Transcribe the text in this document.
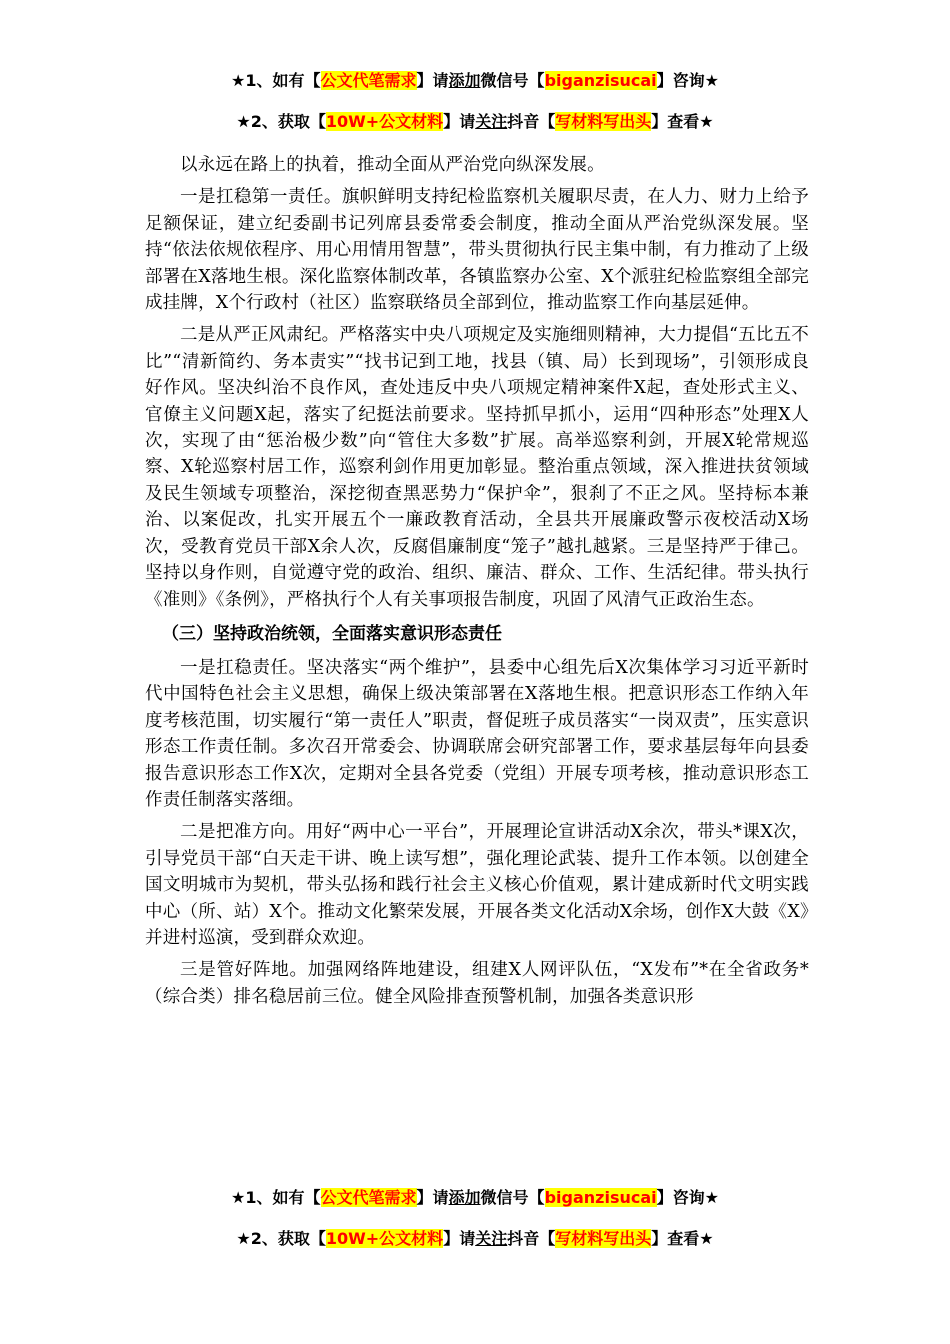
★1、如有【公文代笔需求】请添加微信号【biganzisucai】咨询★
★2、获取【10W+公文材料】请关注抖音【写材料写出头】查看★

以永远在路上的执着，推动全面从严治党向纵深发展。

一是扛稳第一责任。旗帜鲜明支持纪检监察机关履职尽责，在人力、财力上给予足额保证，建立纪委副书记列席县委常委会制度，推动全面从严治党纵深发展。坚持“依法依规依程序、用心用情用智慧”，带头贯彻执行民主集中制，有力推动了上级部署在X落地生根。深化监察体制改革，各镇监察办公室、X个派驻纪检监察组全部完成挂牌，X个行政村（社区）监察联络员全部到位，推动监察工作向基层延伸。

二是从严正风肃纪。严格落实中央八项规定及实施细则精神，大力提倡“五比五不比”“清新简约、务本责实”“找书记到工地，找县（镇、局）长到现场”，引领形成良好作风。坚决纠治不良作风，查处违反中央八项规定精神案件X起，查处形式主义、官僚主义问题X起，落实了纪挺法前要求。坚持抓早抓小，运用“四种形态”处理X人次，实现了由“惩治极少数”向“管住大多数”扩展。高举巡察利剑，开展X轮常规巡察、X轮巡察村居工作，巡察利剑作用更加彰显。整治重点领域，深入推进扶贫领域及民生领域专项整治，深挖彻查黑恶势力“保护伞”，狠刹了不正之风。坚持标本兼治、以案促改，扎实开展五个一廉政教育活动，全县共开展廉政警示夜校活动X场次，受教育党员干部X余人次，反腐倡廉制度“笼子”越扎越紧。三是坚持严于律己。坚持以身作则，自觉遵守党的政治、组织、廉洁、群众、工作、生活纪律。带头执行《准则》《条例》，严格执行个人有关事项报告制度，巩固了风清气正政治生态。

（三）坚持政治统领，全面落实意识形态责任

一是扛稳责任。坚决落实“两个维护”，县委中心组先后X次集体学习习近平新时代中国特色社会主义思想，确保上级决策部署在X落地生根。把意识形态工作纳入年度考核范围，切实履行“第一责任人”职责，督促班子成员落实“一岗双责”，压实意识形态工作责任制。多次召开常委会、协调联席会研究部署工作，要求基层每年向县委报告意识形态工作X次，定期对全县各党委（党组）开展专项考核，推动意识形态工作责任制落实落细。

二是把准方向。用好“两中心一平台”，开展理论宣讲活动X余次，带头*课X次，引导党员干部“白天走干讲、晚上读写想”，强化理论武装、提升工作本领。以创建全国文明城市为契机，带头弘扬和践行社会主义核心价值观，累计建成新时代文明实践中心（所、站）X个。推动文化繁荣发展，开展各类文化活动X余场，创作X大鼓《X》并进村巡演，受到群众欢迎。

三是管好阵地。加强网络阵地建设，组建X人网评队伍，“X发布”*在全省政务*（综合类）排名稳居前三位。健全风险排查预警机制，加强各类意识形

★1、如有【公文代笔需求】请添加微信号【biganzisucai】咨询★
★2、获取【10W+公文材料】请关注抖音【写材料写出头】查看★
